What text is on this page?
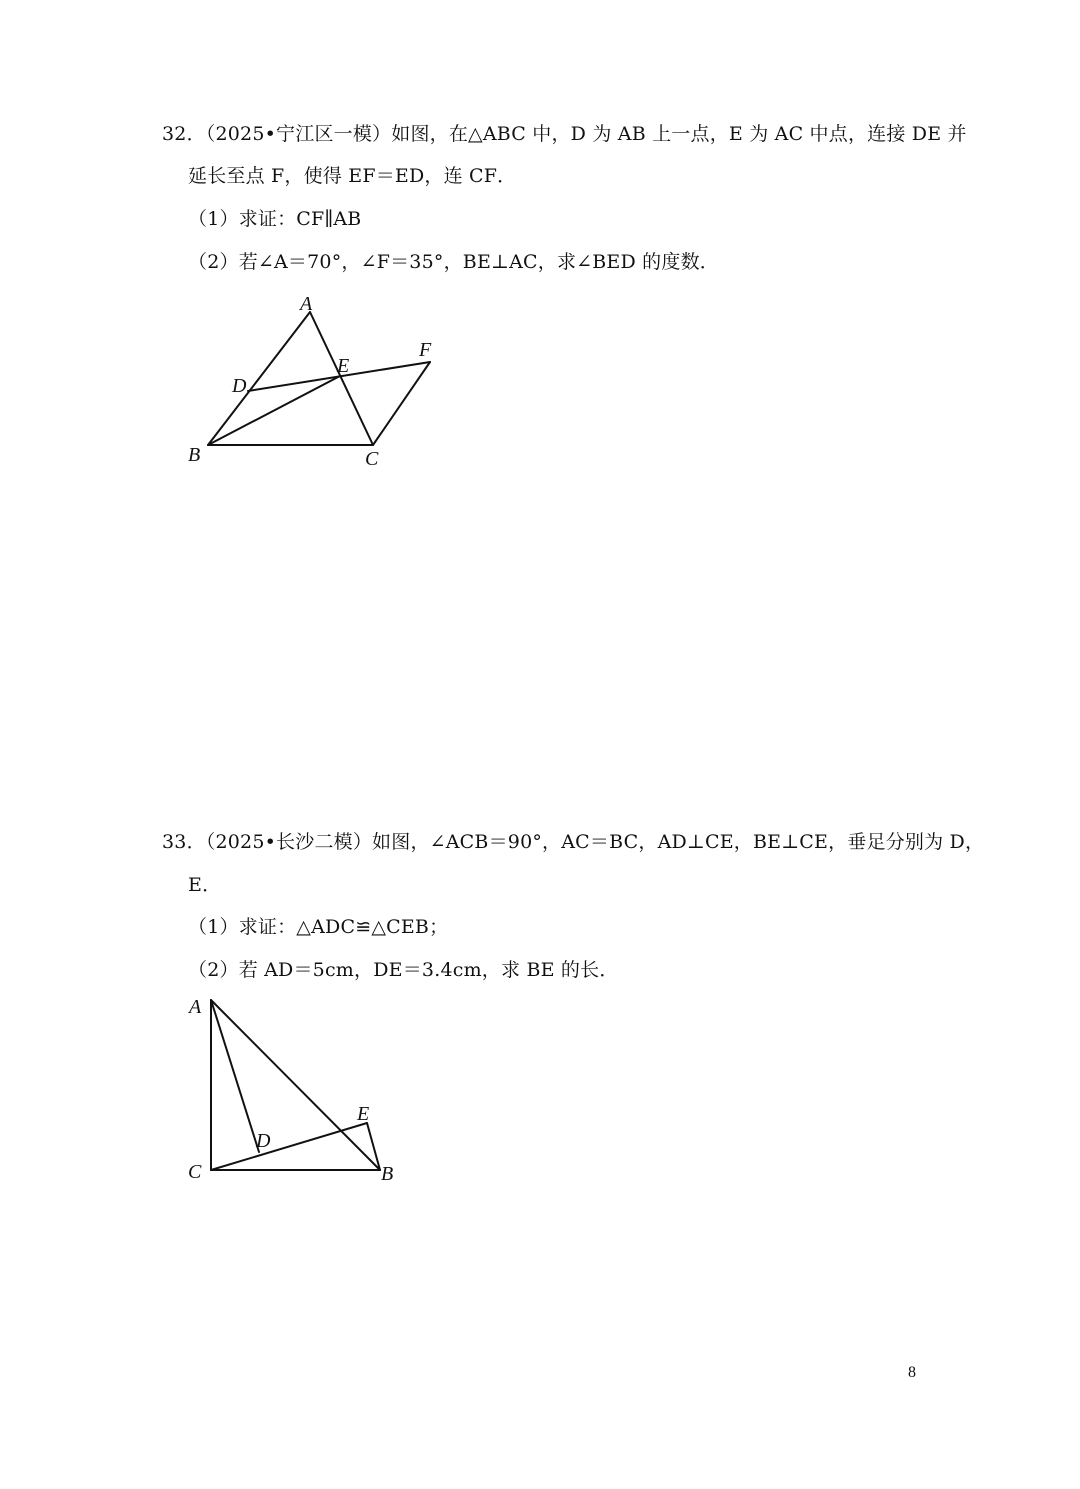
32．（2025•宁江区一模）如图，在△ABC 中，D 为 AB 上一点，E 为 AC 中点，连接 DE 并
延长至点 F，使得 EF＝ED，连 CF．
（1）求证：CF∥AB
（2）若∠A＝70°，∠F＝35°，BE⊥AC，求∠BED 的度数．
A
D
E
F
B	C
33．（2025•长沙二模）如图，∠ACB＝90°，AC＝BC，AD⊥CE，BE⊥CE，垂足分别为 D，
E．
（1）求证：△ADC≌△CEB；
（2）若 AD＝5cm，DE＝3.4cm，求 BE 的长．
A
D
E
C	B
8
